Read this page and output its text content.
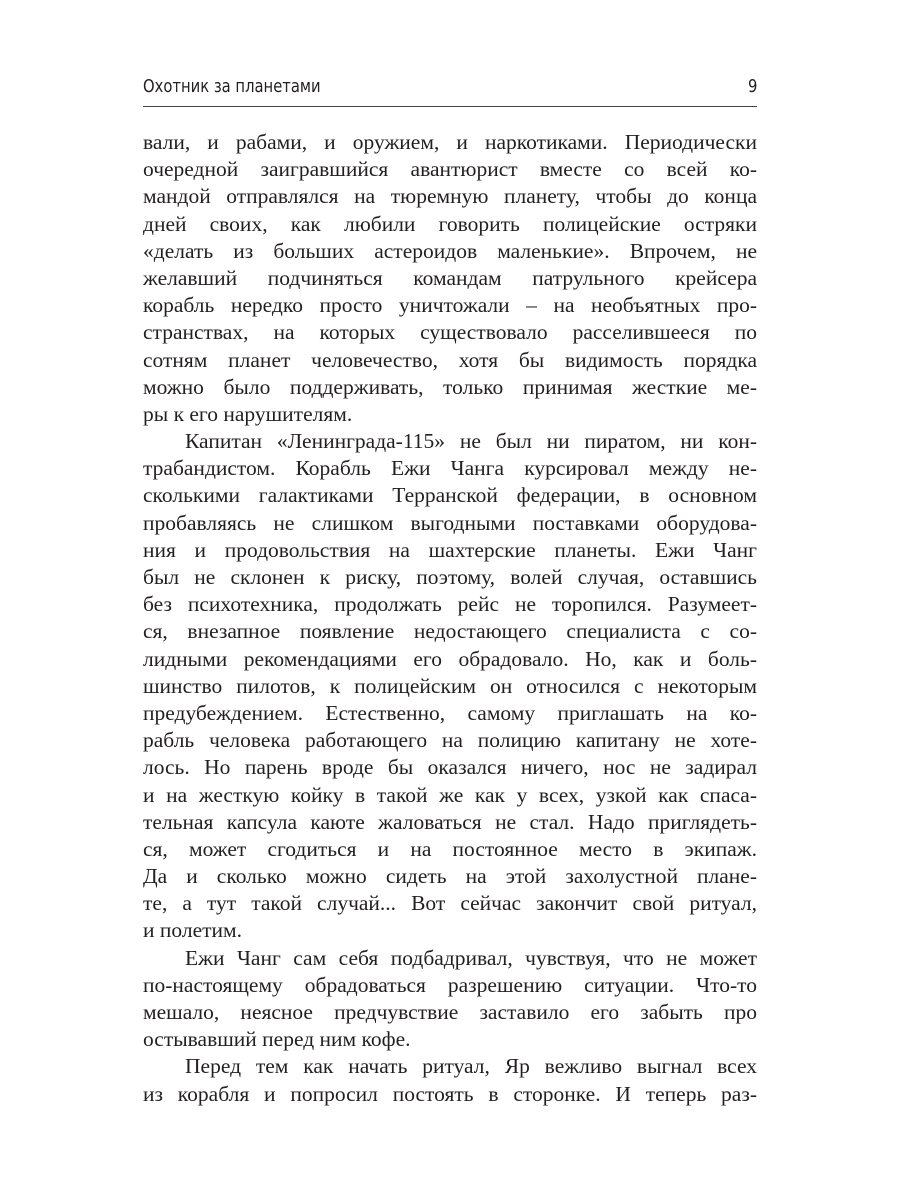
Охотник за планетами	9
вали, и рабами, и оружием, и наркотиками. Периодически
очередной заигравшийся авантюрист вместе со всей ко-
мандой отправлялся на тюремную планету, чтобы до конца
дней своих, как любили говорить полицейские остряки
«делать из больших астероидов маленькие». Впрочем, не
желавший подчиняться командам патрульного крейсера
корабль нередко просто уничтожали – на необъятных про-
странствах, на которых существовало расселившееся по
сотням планет человечество, хотя бы видимость порядка
можно было поддерживать, только принимая жесткие ме-
ры к его нарушителям.
Капитан «Ленинграда-115» не был ни пиратом, ни кон-
трабандистом. Корабль Ежи Чанга курсировал между не-
сколькими галактиками Терранской федерации, в основном
пробавляясь не слишком выгодными поставками оборудова-
ния и продовольствия на шахтерские планеты. Ежи Чанг
был не склонен к риску, поэтому, волей случая, оставшись
без психотехника, продолжать рейс не торопился. Разумеет-
ся, внезапное появление недостающего специалиста с со-
лидными рекомендациями его обрадовало. Но, как и боль-
шинство пилотов, к полицейским он относился с некоторым
предубеждением. Естественно, самому приглашать на ко-
рабль человека работающего на полицию капитану не хоте-
лось. Но парень вроде бы оказался ничего, нос не задирал
и на жесткую койку в такой же как у всех, узкой как спаса-
тельная капсула каюте жаловаться не стал. Надо приглядеть-
ся, может сгодиться и на постоянное место в экипаж.
Да и сколько можно сидеть на этой захолустной плане-
те, а тут такой случай... Вот сейчас закончит свой ритуал,
и полетим.
Ежи Чанг сам себя подбадривал, чувствуя, что не может
по-настоящему обрадоваться разрешению ситуации. Что-то
мешало, неясное предчувствие заставило его забыть про
остывавший перед ним кофе.
Перед тем как начать ритуал, Яр вежливо выгнал всех
из корабля и попросил постоять в сторонке. И теперь раз-
